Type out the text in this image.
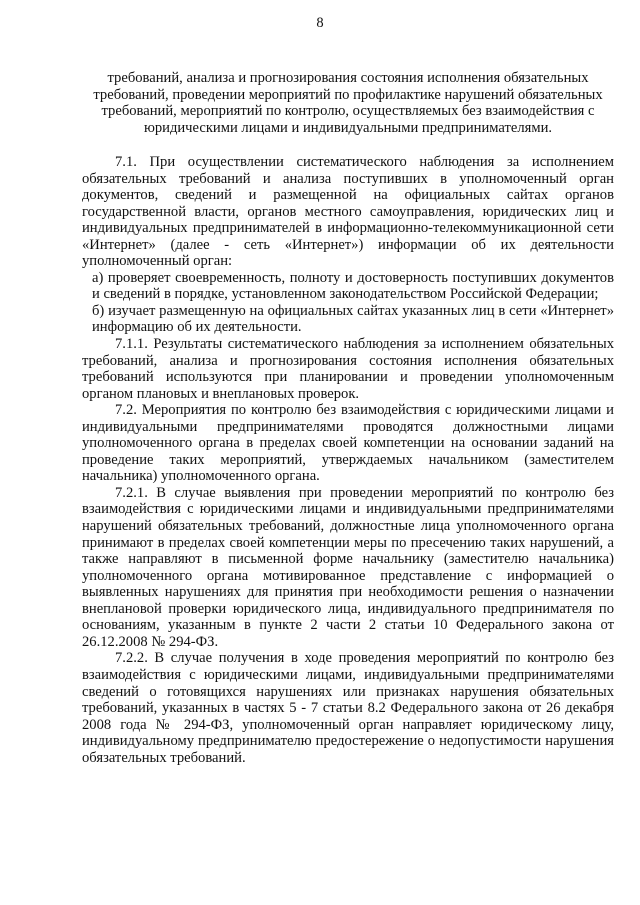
8
требований, анализа и прогнозирования состояния исполнения обязательных требований, проведении мероприятий по профилактике нарушений обязательных требований, мероприятий по контролю, осуществляемых без взаимодействия с юридическими лицами и индивидуальными предпринимателями.

7.1. При осуществлении систематического наблюдения за исполнением обязательных требований и анализа поступивших в уполномоченный орган документов, сведений и размещенной на официальных сайтах органов государственной власти, органов местного самоуправления, юридических лиц и индивидуальных предпринимателей в информационно-телекоммуникационной сети «Интернет» (далее - сеть «Интернет») информации об их деятельности уполномоченный орган:

а) проверяет своевременность, полноту и достоверность поступивших документов и сведений в порядке, установленном законодательством Российской Федерации;

б) изучает размещенную на официальных сайтах указанных лиц в сети «Интернет» информацию об их деятельности.

7.1.1. Результаты систематического наблюдения за исполнением обязательных требований, анализа и прогнозирования состояния исполнения обязательных требований используются при планировании и проведении уполномоченным органом плановых и внеплановых проверок.

7.2. Мероприятия по контролю без взаимодействия с юридическими лицами и индивидуальными предпринимателями проводятся должностными лицами уполномоченного органа в пределах своей компетенции на основании заданий на проведение таких мероприятий, утверждаемых начальником (заместителем начальника) уполномоченного органа.

7.2.1. В случае выявления при проведении мероприятий по контролю без взаимодействия с юридическими лицами и индивидуальными предпринимателями нарушений обязательных требований, должностные лица уполномоченного органа принимают в пределах своей компетенции меры по пресечению таких нарушений, а также направляют в письменной форме начальнику (заместителю начальника) уполномоченного органа мотивированное представление с информацией о выявленных нарушениях для принятия при необходимости решения о назначении внеплановой проверки юридического лица, индивидуального предпринимателя по основаниям, указанным в пункте 2 части 2 статьи 10 Федерального закона от 26.12.2008 № 294-ФЗ.

7.2.2. В случае получения в ходе проведения мероприятий по контролю без взаимодействия с юридическими лицами, индивидуальными предпринимателями сведений о готовящихся нарушениях или признаках нарушения обязательных требований, указанных в частях 5 - 7 статьи 8.2 Федерального закона от 26 декабря 2008 года № 294-ФЗ, уполномоченный орган направляет юридическому лицу, индивидуальному предпринимателю предостережение о недопустимости нарушения обязательных требований.
